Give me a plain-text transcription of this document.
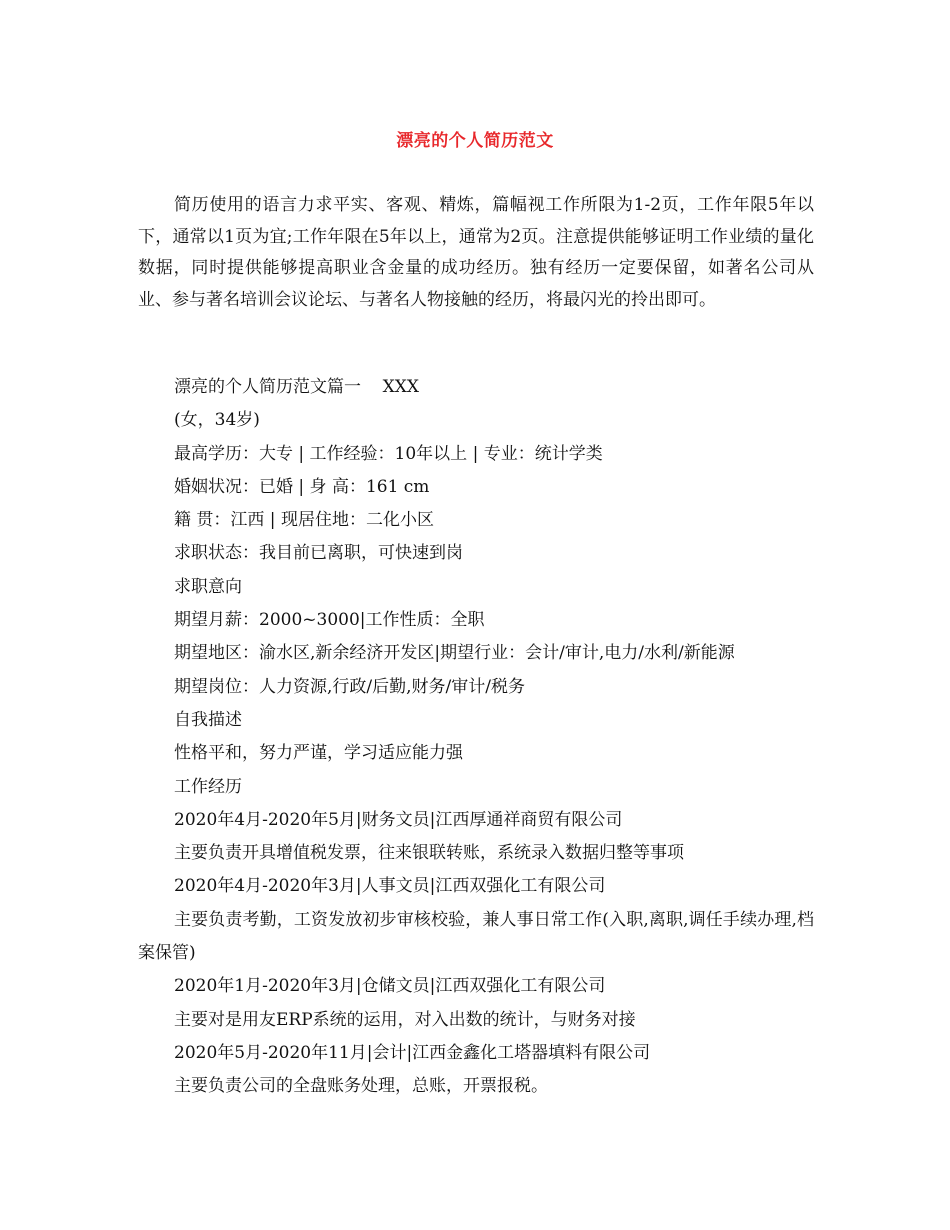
漂亮的个人简历范文

简历使用的语言力求平实、客观、精炼，篇幅视工作所限为1-2页，工作年限5年以下，通常以1页为宜;工作年限在5年以上，通常为2页。注意提供能够证明工作业绩的量化数据，同时提供能够提高职业含金量的成功经历。独有经历一定要保留，如著名公司从业、参与著名培训会议论坛、与著名人物接触的经历，将最闪光的拎出即可。

漂亮的个人简历范文篇一    XXX

(女，34岁)

最高学历：大专 | 工作经验：10年以上 | 专业：统计学类

婚姻状况：已婚 | 身 高：161 cm

籍 贯：江西 | 现居住地：二化小区

求职状态：我目前已离职，可快速到岗

求职意向

期望月薪：2000~3000|工作性质：全职

期望地区：渝水区,新余经济开发区|期望行业：会计/审计,电力/水利/新能源

期望岗位：人力资源,行政/后勤,财务/审计/税务

自我描述

性格平和，努力严谨，学习适应能力强

工作经历

2020年4月-2020年5月|财务文员|江西厚通祥商贸有限公司

主要负责开具增值税发票，往来银联转账，系统录入数据归整等事项

2020年4月-2020年3月|人事文员|江西双强化工有限公司

主要负责考勤，工资发放初步审核校验，兼人事日常工作(入职,离职,调任手续办理,档案保管)

2020年1月-2020年3月|仓储文员|江西双强化工有限公司

主要对是用友ERP系统的运用，对入出数的统计，与财务对接

2020年5月-2020年11月|会计|江西金鑫化工塔器填料有限公司

主要负责公司的全盘账务处理，总账，开票报税。
